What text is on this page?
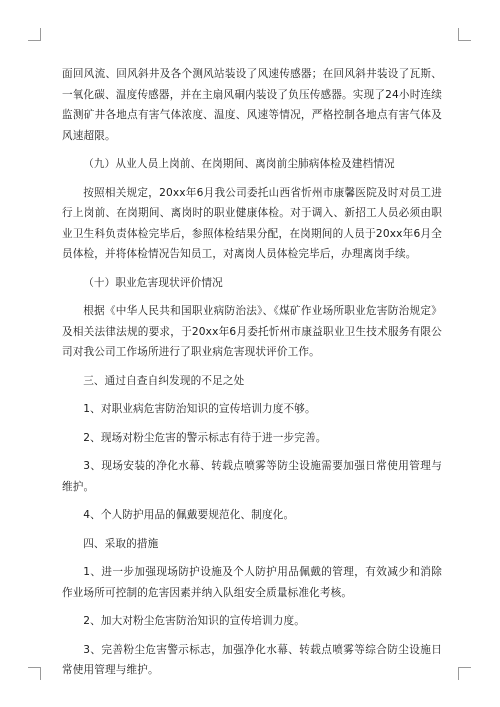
面回风流、回风斜井及各个测风站装设了风速传感器；在回风斜井装设了瓦斯、一氧化碳、温度传感器，并在主扇风硐内装设了负压传感器。实现了24小时连续监测矿井各地点有害气体浓度、温度、风速等情况，严格控制各地点有害气体及风速超限。

（九）从业人员上岗前、在岗期间、离岗前尘肺病体检及建档情况

按照相关规定，20xx年6月我公司委托山西省忻州市康馨医院及时对员工进行上岗前、在岗期间、离岗时的职业健康体检。对于调入、新招工人员必须由职业卫生科负责体检完毕后，参照体检结果分配，在岗期间的人员于20xx年6月全员体检，并将体检情况告知员工，对离岗人员体检完毕后，办理离岗手续。

（十）职业危害现状评价情况

根据《中华人民共和国职业病防治法》、《煤矿作业场所职业危害防治规定》及相关法律法规的要求，于20xx年6月委托忻州市康益职业卫生技术服务有限公司对我公司工作场所进行了职业病危害现状评价工作。

三、通过自查自纠发现的不足之处

1、对职业病危害防治知识的宣传培训力度不够。

2、现场对粉尘危害的警示标志有待于进一步完善。

3、现场安装的净化水幕、转载点喷雾等防尘设施需要加强日常使用管理与维护。

4、个人防护用品的佩戴要规范化、制度化。

四、采取的措施

1、进一步加强现场防护设施及个人防护用品佩戴的管理，有效减少和消除作业场所可控制的危害因素并纳入队组安全质量标准化考核。

2、加大对粉尘危害防治知识的宣传培训力度。

3、完善粉尘危害警示标志，加强净化水幕、转载点喷雾等综合防尘设施日常使用管理与维护。
